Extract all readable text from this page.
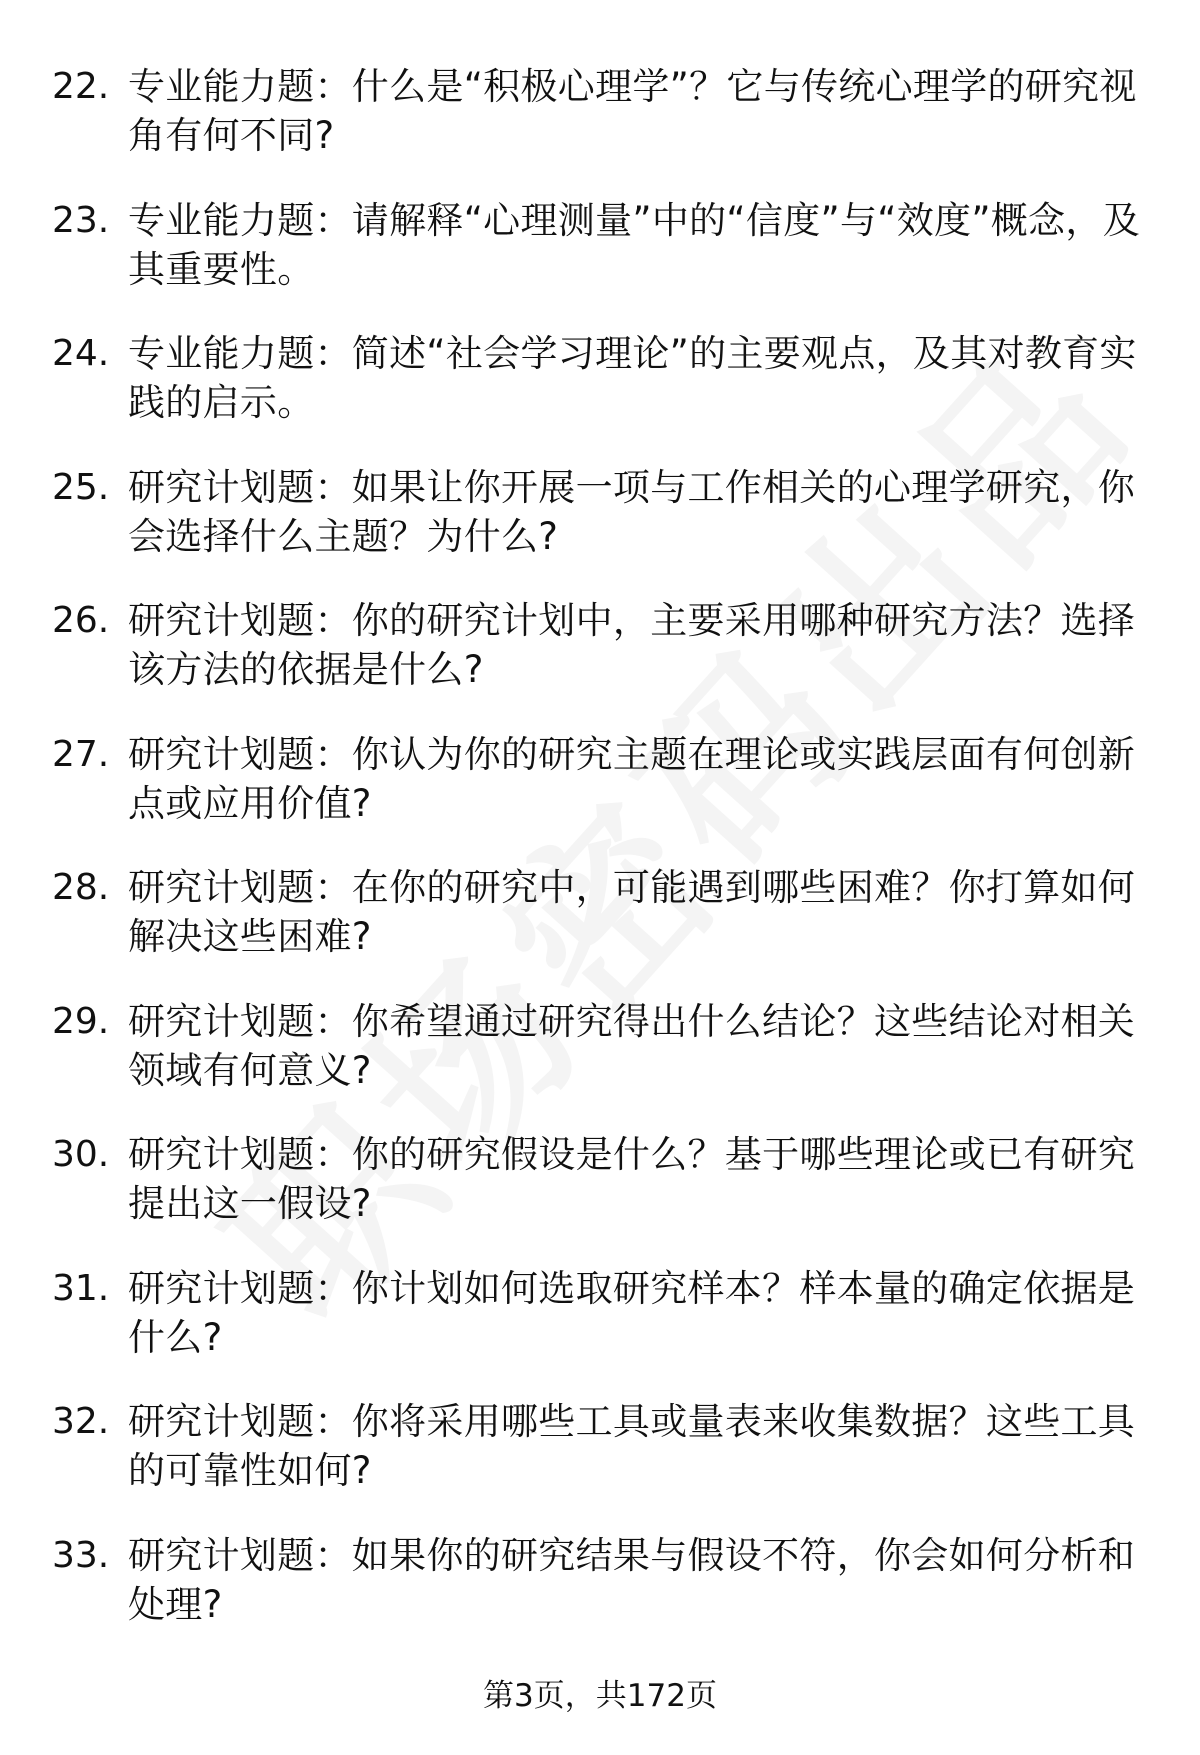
22. 专业能力题：什么是“积极心理学”？它与传统心理学的研究视角有何不同?
23. 专业能力题：请解释“心理测量”中的“信度”与“效度”概念，及其重要性。
24. 专业能力题：简述“社会学习理论”的主要观点，及其对教育实践的启示。
25. 研究计划题：如果让你开展一项与工作相关的心理学研究，你会选择什么主题？为什么?
26. 研究计划题：你的研究计划中，主要采用哪种研究方法？选择该方法的依据是什么?
27. 研究计划题：你认为你的研究主题在理论或实践层面有何创新点或应用价值?
28. 研究计划题：在你的研究中，可能遇到哪些困难？你打算如何解决这些困难?
29. 研究计划题：你希望通过研究得出什么结论？这些结论对相关领域有何意义?
30. 研究计划题：你的研究假设是什么？基于哪些理论或已有研究提出这一假设?
31. 研究计划题：你计划如何选取研究样本？样本量的确定依据是什么?
32. 研究计划题：你将采用哪些工具或量表来收集数据？这些工具的可靠性如何?
33. 研究计划题：如果你的研究结果与假设不符，你会如何分析和处理?
第3页，共172页
